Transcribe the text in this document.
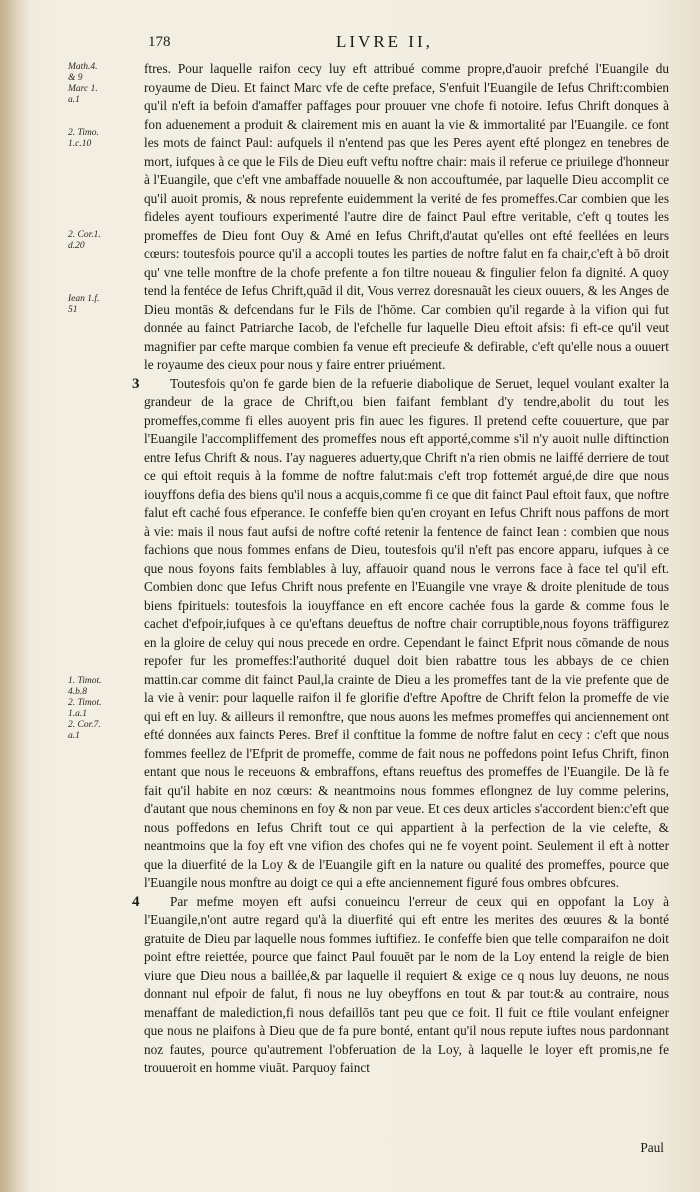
178	LIVRE II,
Math.4.
& 9
Marc 1.
a.1
2. Timo.
1.c.10
2. Cor.1.
d.20
Iean 1.f.
51
1. Timot.
4.b.8
2. Timot.
1.a.1
2. Cor.7.
a.1

ftres. Pour laquelle raifon cecy luy eft attribué comme propre,d'auoir prefché l'Euangile du royaume de Dieu. Et fainct Marc vfe de cefte preface, S'enfuit l'Euangile de Iefus Chrift:combien qu'il n'eft ia befoin d'amaffer paffages pour prouuer vne chofe fi notoire. Iefus Chrift donques à fon aduenement a produit & clairement mis en auant la vie & immortalité par l'Euangile. ce font les mots de fainct Paul: aufquels il n'entend pas que les Peres ayent efté plongez en tenebres de mort, iufques à ce que le Fils de Dieu euft veftu noftre chair: mais il referue ce priuilege d'honneur à l'Euangile, que c'eft vne ambaffade nouuelle & non accouftumée, par laquelle Dieu accomplit ce qu'il auoit promis, & nous reprefente euidemment la verité de fes promeffes.Car combien que les fideles ayent toufiours experimenté l'autre dire de fainct Paul eftre veritable, c'eft q toutes les promeffes de Dieu font Ouy & Amé en Iefus Chrift,d'autat qu'elles ont efté feellées en leurs cœurs: toutesfois pource qu'il a accopli toutes les parties de noftre falut en fa chair,c'eft à bō droit qu' vne telle monftre de la chofe prefente a fon tiltre noueau & fingulier felon fa dignité. A quoy tend la fentéce de Iefus Chrift,quād il dit, Vous verrez doresnauãt les cieux ouuers, & les Anges de Dieu montās & defcendans fur le Fils de l'hōme. Car combien qu'il regarde à la vifion qui fut donnée au fainct Patriarche Iacob, de l'efchelle fur laquelle Dieu eftoit afsis: fi eft-ce qu'il veut magnifier par cefte marque combien fa venue eft precieufe & defirable, c'eft qu'elle nous a ouuert le royaume des cieux pour nous y faire entrer priuément.

3	Toutesfois qu'on fe garde bien de la refuerie diabolique de Seruet, lequel voulant exalter la grandeur de la grace de Chrift,ou bien faifant femblant d'y tendre,abolit du tout les promeffes,comme fi elles auoyent pris fin auec les figures. Il pretend cefte couuerture, que par l'Euangile l'accompliffement des promeffes nous eft apporté,comme s'il n'y auoit nulle diftinction entre Iefus Chrift & nous. I'ay nagueres aduerty,que Chrift n'a rien obmis ne laiffé derriere de tout ce qui eftoit requis à la fomme de noftre falut:mais c'eft trop fottemét argué,de dire que nous iouyffons defia des biens qu'il nous a acquis,comme fi ce que dit fainct Paul eftoit faux, que noftre falut eft caché fous efperance. Ie confeffe bien qu'en croyant en Iefus Chrift nous paffons de mort à vie: mais il nous faut aufsi de noftre cofté retenir la fentence de fainct Iean : combien que nous fachions que nous fommes enfans de Dieu, toutesfois qu'il n'eft pas encore apparu, iufques à ce que nous foyons faits femblables à luy, affauoir quand nous le verrons face à face tel qu'il eft. Combien donc que Iefus Chrift nous prefente en l'Euangile vne vraye & droite plenitude de tous biens fpirituels: toutesfois la iouyffance en eft encore cachée fous la garde & comme fous le cachet d'efpoir,iufques à ce qu'eftans deueftus de noftre chair corruptible,nous foyons träffigurez en la gloire de celuy qui nous precede en ordre. Cependant le fainct Efprit nous cōmande de nous repofer fur les promeffes:l'authorité duquel doit bien rabattre tous les abbays de ce chien mattin.car comme dit fainct Paul,la crainte de Dieu a les promeffes tant de la vie prefente que de la vie à venir: pour laquelle raifon il fe glorifie d'eftre Apoftre de Chrift felon la promeffe de vie qui eft en luy. & ailleurs il remonftre, que nous auons les mefmes promeffes qui anciennement ont efté données aux faincts Peres. Bref il conftitue la fomme de noftre falut en cecy : c'eft que nous fommes feellez de l'Efprit de promeffe, comme de fait nous ne poffedons point Iefus Chrift, finon entant que nous le receuons & embraffons, eftans reueftus des promeffes de l'Euangile. De là fe fait qu'il habite en noz cœurs: & neantmoins nous fommes eflongnez de luy comme pelerins, d'autant que nous cheminons en foy & non par veue. Et ces deux articles s'accordent bien:c'eft que nous poffedons en Iefus Chrift tout ce qui appartient à la perfection de la vie celefte, & neantmoins que la foy eft vne vifion des chofes qui ne fe voyent point. Seulement il eft à notter que la diuerfité de la Loy & de l'Euangile gift en la nature ou qualité des promeffes, pource que l'Euangile nous monftre au doigt ce qui a efte anciennement figuré fous ombres obfcures.

4	Par mefme moyen eft aufsi conueincu l'erreur de ceux qui en oppofant la Loy à l'Euangile,n'ont autre regard qu'à la diuerfité qui eft entre les merites des œuures & la bonté gratuite de Dieu par laquelle nous fommes iuftifiez. Ie confeffe bien que telle comparaifon ne doit point eftre reiettée, pource que fainct Paul fouuēt par le nom de la Loy entend la reigle de bien viure que Dieu nous a baillée,& par laquelle il requiert & exige ce q nous luy deuons, ne nous donnant nul efpoir de falut, fi nous ne luy obeyffons en tout & par tout:& au contraire, nous menaffant de malediction,fi nous defaillōs tant peu que ce foit. Il fuit ce ftile voulant enfeigner que nous ne plaifons à Dieu que de fa pure bonté, entant qu'il nous repute iuftes nous pardonnant noz fautes, pource qu'autrement l'obferuation de la Loy, à laquelle le loyer eft promis,ne fe trouueroit en homme viuāt. Parquoy fainct

Paul
